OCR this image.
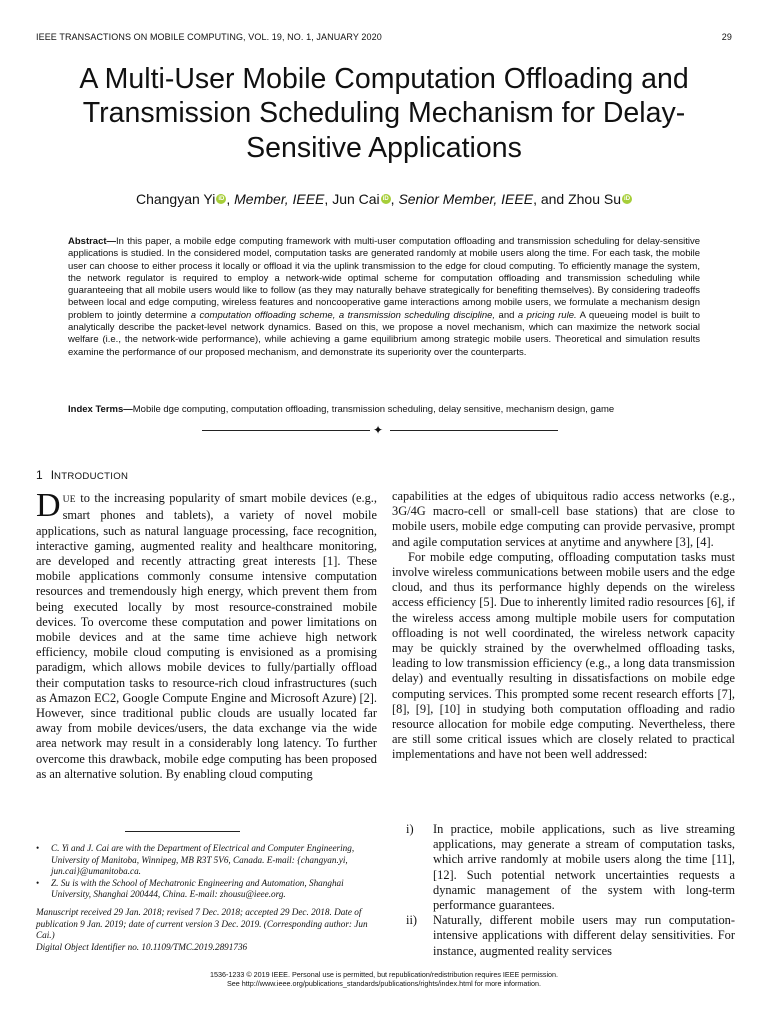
IEEE TRANSACTIONS ON MOBILE COMPUTING, VOL. 19, NO. 1, JANUARY 2020	29
A Multi-User Mobile Computation Offloading and Transmission Scheduling Mechanism for Delay-Sensitive Applications
Changyan Yi iD , Member, IEEE, Jun Cai iD , Senior Member, IEEE, and Zhou Su iD
Abstract—In this paper, a mobile edge computing framework with multi-user computation offloading and transmission scheduling for delay-sensitive applications is studied. In the considered model, computation tasks are generated randomly at mobile users along the time. For each task, the mobile user can choose to either process it locally or offload it via the uplink transmission to the edge for cloud computing. To efficiently manage the system, the network regulator is required to employ a network-wide optimal scheme for computation offloading and transmission scheduling while guaranteeing that all mobile users would like to follow (as they may naturally behave strategically for benefiting themselves). By considering tradeoffs between local and edge computing, wireless features and noncooperative game interactions among mobile users, we formulate a mechanism design problem to jointly determine a computation offloading scheme, a transmission scheduling discipline, and a pricing rule. A queueing model is built to analytically describe the packet-level network dynamics. Based on this, we propose a novel mechanism, which can maximize the network social welfare (i.e., the network-wide performance), while achieving a game equilibrium among strategic mobile users. Theoretical and simulation results examine the performance of our proposed mechanism, and demonstrate its superiority over the counterparts.
Index Terms—Mobile dge computing, computation offloading, transmission scheduling, delay sensitive, mechanism design, game
✦
1 INTRODUCTION

DUE to the increasing popularity of smart mobile devices (e.g., smart phones and tablets), a variety of novel mobile applications, such as natural language processing, face recognition, interactive gaming, augmented reality and healthcare monitoring, are developed and recently attracting great interests [1]. These mobile applications commonly consume intensive computation resources and tremendously high energy, which prevent them from being executed locally by most resource-constrained mobile devices. To overcome these computation and power limitations on mobile devices and at the same time achieve high network efficiency, mobile cloud computing is envisioned as a promising paradigm, which allows mobile devices to fully/partially offload their computation tasks to resource-rich cloud infrastructures (such as Amazon EC2, Google Compute Engine and Microsoft Azure) [2]. However, since traditional public clouds are usually located far away from mobile devices/users, the data exchange via the wide area network may result in a considerably long latency. To further overcome this drawback, mobile edge computing has been proposed as an alternative solution. By enabling cloud computing

• C. Yi and J. Cai are with the Department of Electrical and Computer Engineering, University of Manitoba, Winnipeg, MB R3T 5V6, Canada. E-mail: {changyan.yi, jun.cai}@umanitoba.ca.
• Z. Su is with the School of Mechatronic Engineering and Automation, Shanghai University, Shanghai 200444, China. E-mail: zhousu@ieee.org.
Manuscript received 29 Jan. 2018; revised 7 Dec. 2018; accepted 29 Dec. 2018. Date of publication 9 Jan. 2019; date of current version 3 Dec. 2019. (Corresponding author: Jun Cai.)
Digital Object Identifier no. 10.1109/TMC.2019.2891736

capabilities at the edges of ubiquitous radio access networks (e.g., 3G/4G macro-cell or small-cell base stations) that are close to mobile users, mobile edge computing can provide pervasive, prompt and agile computation services at anytime and anywhere [3], [4].

For mobile edge computing, offloading computation tasks must involve wireless communications between mobile users and the edge cloud, and thus its performance highly depends on the wireless access efficiency [5]. Due to inherently limited radio resources [6], if the wireless access among multiple mobile users for computation offloading is not well coordinated, the wireless network capacity may be quickly strained by the overwhelmed offloading tasks, leading to low transmission efficiency (e.g., a long data transmission delay) and eventually resulting in dissatisfactions on mobile edge computing services. This prompted some recent research efforts [7], [8], [9], [10] in studying both computation offloading and radio resource allocation for mobile edge computing. Nevertheless, there are still some critical issues which are closely related to practical implementations and have not been well addressed:

i) In practice, mobile applications, such as live streaming applications, may generate a stream of computation tasks, which arrive randomly at mobile users along the time [11], [12]. Such potential network uncertainties requests a dynamic management of the system with long-term performance guarantees.
ii) Naturally, different mobile users may run computation-intensive applications with different delay sensitivities. For instance, augmented reality services
1536-1233 © 2019 IEEE. Personal use is permitted, but republication/redistribution requires IEEE permission.
See http://www.ieee.org/publications_standards/publications/rights/index.html for more information.
